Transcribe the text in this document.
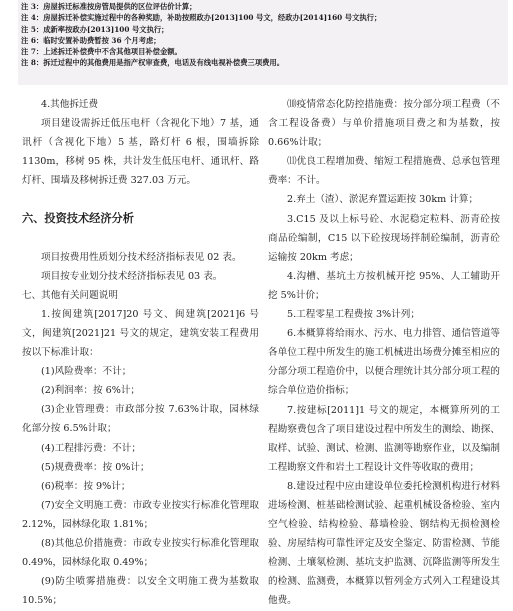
注 3：房屋拆迁标准按房管局提供的区位评估价计算；
注 4：房屋拆迁补偿实施过程中的各种奖励，补助按照政办[2013]100 号文，经政办[2014]160 号文执行；
注 5：成新率按政办[2013]100 号文执行；
注 6：临时安置补助费暂按 36 个月考虑；
注 7：上述拆迁补偿费中不含其他项目补偿金额。
注 8：拆迁过程中的其他费用是指产权审查费，电话及有线电视补偿费三项费用。

4.其他拆迁费

项目建设需拆迁低压电杆（含视化下地）7 基，通讯杆（含视化下地）5 基，路灯杆 6 根，围墙拆除 1130m，移树 95 株，共计发生低压电杆、通讯杆、路灯杆、围墙及移树拆迁费 327.03 万元。

六、投资技术经济分析

项目按费用性质划分技术经济指标表见 02 表。

项目按专业划分技术经济指标表见 03 表。

七、其他有关问题说明

1.按闽建筑[2017]20 号文、闽建筑[2021]6 号文，闽建筑[2021]21 号文的规定，建筑安装工程费用按以下标准计取：

(1)风险费率：不计；

(2)利润率：按 6%计；

(3)企业管理费：市政部分按 7.63%计取，园林绿化部分按 6.5%计取；

(4)工程排污费：不计；

(5)规费费率：按 0%计；

(6)税率：按 9%计；

(7)安全文明施工费：市政专业按实行标准化管理取 2.12%，园林绿化取 1.81%；

(8)其他总价措施费：市政专业按实行标准化管理取 0.49%，园林绿化取 0.49%；

(9)防尘喷雾措施费：以安全文明施工费为基数取 10.5%；

⑽疫情常态化防控措施费：按分部分项工程费（不含工程设备费）与单价措施项目费之和为基数，按 0.66%计取；

⑾优良工程增加费、缩短工程措施费、总承包管理费率：不计。

2.弃土（渣）、淤泥弃置运距按 30km 计算；

3.C15 及以上标号砼、水泥稳定粒料、沥青砼按商品砼编制，C15 以下砼按现场拌制砼编制，沥青砼运输按 20km 考虑；

4.沟槽、基坑土方按机械开挖 95%、人工辅助开挖 5%计价；

5.工程零星工程费按 3%计列；

6.本概算将给雨水、污水、电力排管、通信管道等各单位工程中所发生的施工机械进出场费分摊至相应的分部分项工程造价中，以便合理统计其分部分项工程的综合单位造价指标；

7.按建标[2011]1 号文的规定，本概算所列的工程勘察费包含了项目建设过程中所发生的测绘、勘探、取样、试验、测试、检测、监测等勘察作业，以及编制工程勘察文件和岩土工程设计文件等收取的费用；

8.建设过程中应由建设单位委托检测机构进行材料进场检测、桩基础检测试验、起重机械设备检验、室内空气检验、结构检验、幕墙检验、钢结构无损检测检验、房屋结构可靠性评定及安全鉴定、防雷检测、节能检测、土壤氡检测、基坑支护监测、沉降监测等所发生的检测、监测费，本概算以暂列金方式列入工程建设其他费。
